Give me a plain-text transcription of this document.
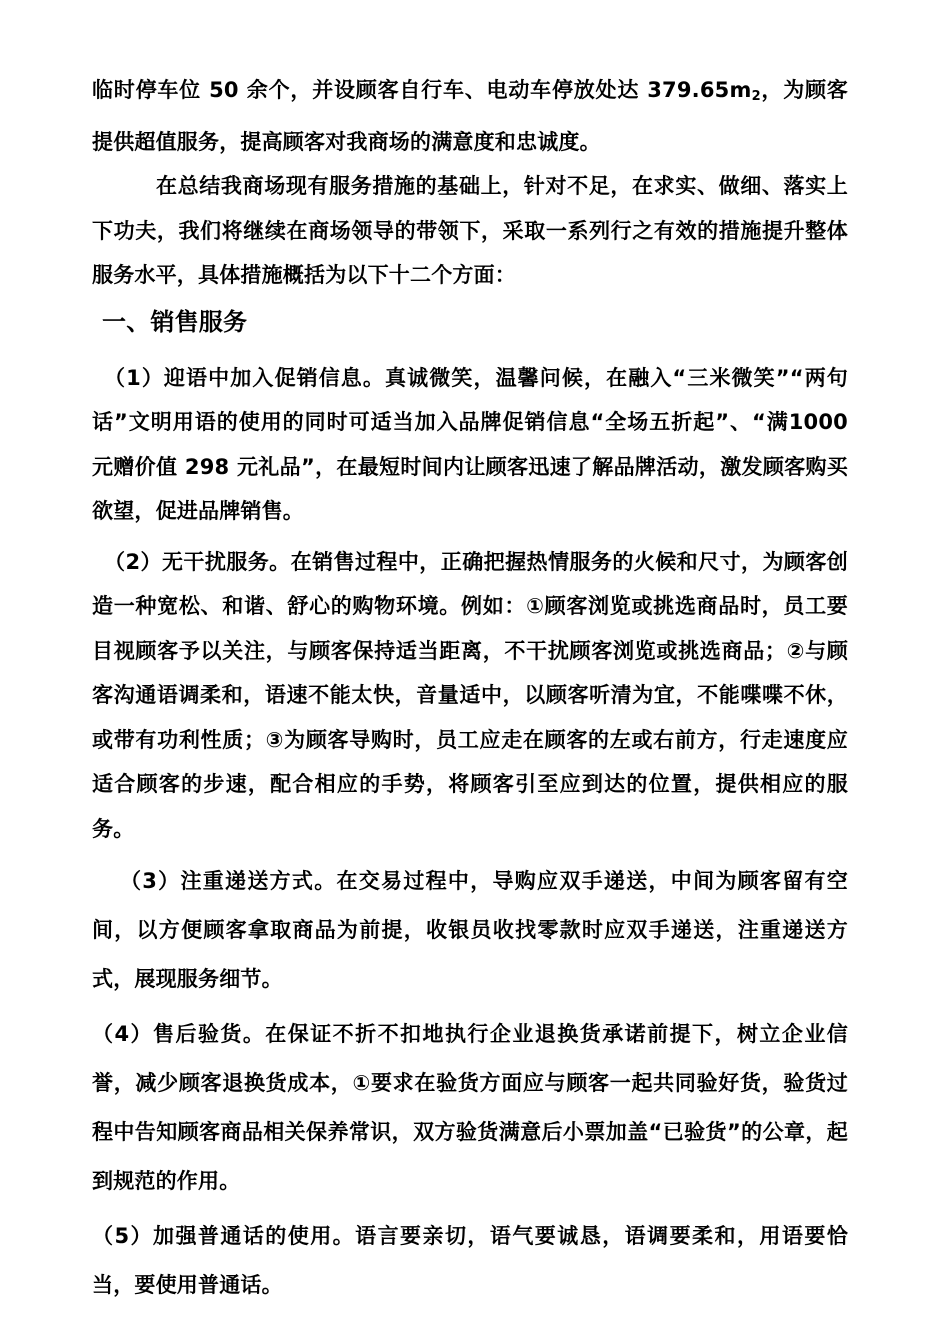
临时停车位 50 余个，并设顾客自行车、电动车停放处达 $379.65m_2$，为顾客提供超值服务，提高顾客对我商场的满意度和忠诚度。

在总结我商场现有服务措施的基础上，针对不足，在求实、做细、落实上下功夫，我们将继续在商场领导的带领下，采取一系列行之有效的措施提升整体服务水平，具体措施概括为以下十二个方面：

一、销售服务

（1）迎语中加入促销信息。真诚微笑，温馨问候，在融入“三米微笑”“两句话”文明用语的使用的同时可适当加入品牌促销信息“全场五折起”、“满1000 元赠价值 298 元礼品”，在最短时间内让顾客迅速了解品牌活动，激发顾客购买欲望，促进品牌销售。

（2）无干扰服务。在销售过程中，正确把握热情服务的火候和尺寸，为顾客创造一种宽松、和谐、舒心的购物环境。例如：①顾客浏览或挑选商品时，员工要目视顾客予以关注，与顾客保持适当距离，不干扰顾客浏览或挑选商品；②与顾客沟通语调柔和，语速不能太快，音量适中，以顾客听清为宜，不能喋喋不休，或带有功利性质；③为顾客导购时，员工应走在顾客的左或右前方，行走速度应适合顾客的步速，配合相应的手势，将顾客引至应到达的位置，提供相应的服务。

（3）注重递送方式。在交易过程中，导购应双手递送，中间为顾客留有空间，以方便顾客拿取商品为前提，收银员收找零款时应双手递送，注重递送方式，展现服务细节。

（4）售后验货。在保证不折不扣地执行企业退换货承诺前提下，树立企业信誉，减少顾客退换货成本，①要求在验货方面应与顾客一起共同验好货，验货过程中告知顾客商品相关保养常识，双方验货满意后小票加盖“已验货”的公章，起到规范的作用。

（5）加强普通话的使用。语言要亲切，语气要诚恳，语调要柔和，用语要恰当，要使用普通话。
